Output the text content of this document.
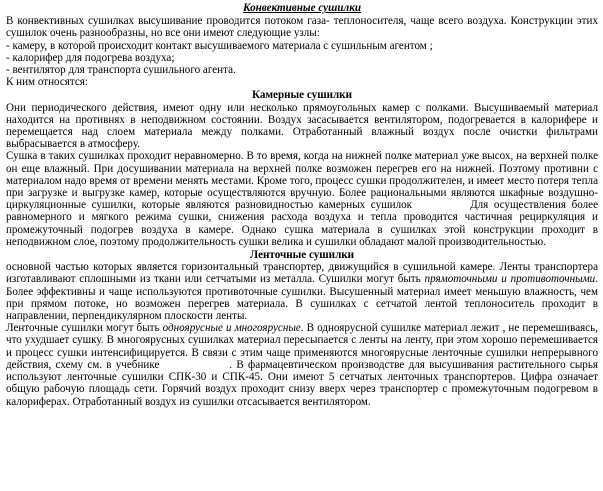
Конвективные сушилки

В конвективных сушилках высушивание проводится потоком газа- теплоносителя, чаще всего воздуха. Конструкции этих сушилок очень разнообразны, но все они имеют следующие узлы:

- камеру, в которой происходит контакт высушиваемого материала с сушильным агентом ;
- калорифер для подогрева воздуха;
- вентилятор для транспорта сушильного агента.
К ним относятся:
Камерные сушилки

Они периодического действия, имеют одну или несколько прямоугольных камер с полками. Высушиваемый материал находится на противнях в неподвижном состоянии. Воздух засасывается вентилятором, подогревается в калорифере и перемещается над слоем материала между полками. Отработанный влажный воздух после очистки фильтрами выбрасывается в атмосферу.

Сушка в таких сушилках проходит неравномерно. В то время, когда на нижней полке материал уже высох, на верхней полке он еще влажный. При досушивании материала на верхней полке возможен перегрев его на нижней. Поэтому противни с материалом надо время от времени менять местами. Кроме того, процесс сушки продолжителен, и имеет место потеря тепла при загрузке и выгрузке камер, которые осуществляются вручную. Более рациональными являются шкафные воздушно-циркуляционные сушилки, которые являются разновидностью камерных сушилок	Для осуществления более равномерного и мягкого режима сушки, снижения расхода воздуха и тепла проводится частичная рециркуляция и промежуточный подогрев воздуха в камере. Однако сушка материала в сушилках этой конструкции проходит в неподвижном слое, поэтому продолжительность сушки велика и сушилки обладают малой производительностью.

Ленточные сушилки

основной частью которых является горизонтальный транспортер, движущийся в сушильной камере. Ленты транспортера изготавливают сплошными из ткани или сетчатыми из металла. Сушилки могут быть прямоточными и противоточными. Более эффективны и чаще используются противоточные сушилки. Высушенный материал имеет меньшую влажность, чем при прямом потоке, но возможен перегрев материала. В сушилках с сетчатой лентой теплоноситель проходит в направлении, перпендикулярном плоскости ленты.

Ленточные сушилки могут быть одноярусные и многоярусные. В одноярусной сушилке материал лежит , не перемешиваясь, что ухудшает сушку. В многоярусных сушилках материал пересыпается с ленты на ленту, при этом хорошо перемешивается и процесс сушки интенсифицируется. В связи с этим чаще применяются многоярусные ленточные сушилки непрерывного действия, схему см. в учебнике	. В фармацевтическом производстве для высушивания растительного сырья используют ленточные сушилки СПК-30 и СПК-45. Они имеют 5 сетчатых ленточных транспортеров. Цифра означает общую рабочую площадь сети. Горячий воздух проходит снизу вверх через транспортер с промежуточным подогревом в калориферах. Отработанный воздух из сушилки отсасывается вентилятором.
